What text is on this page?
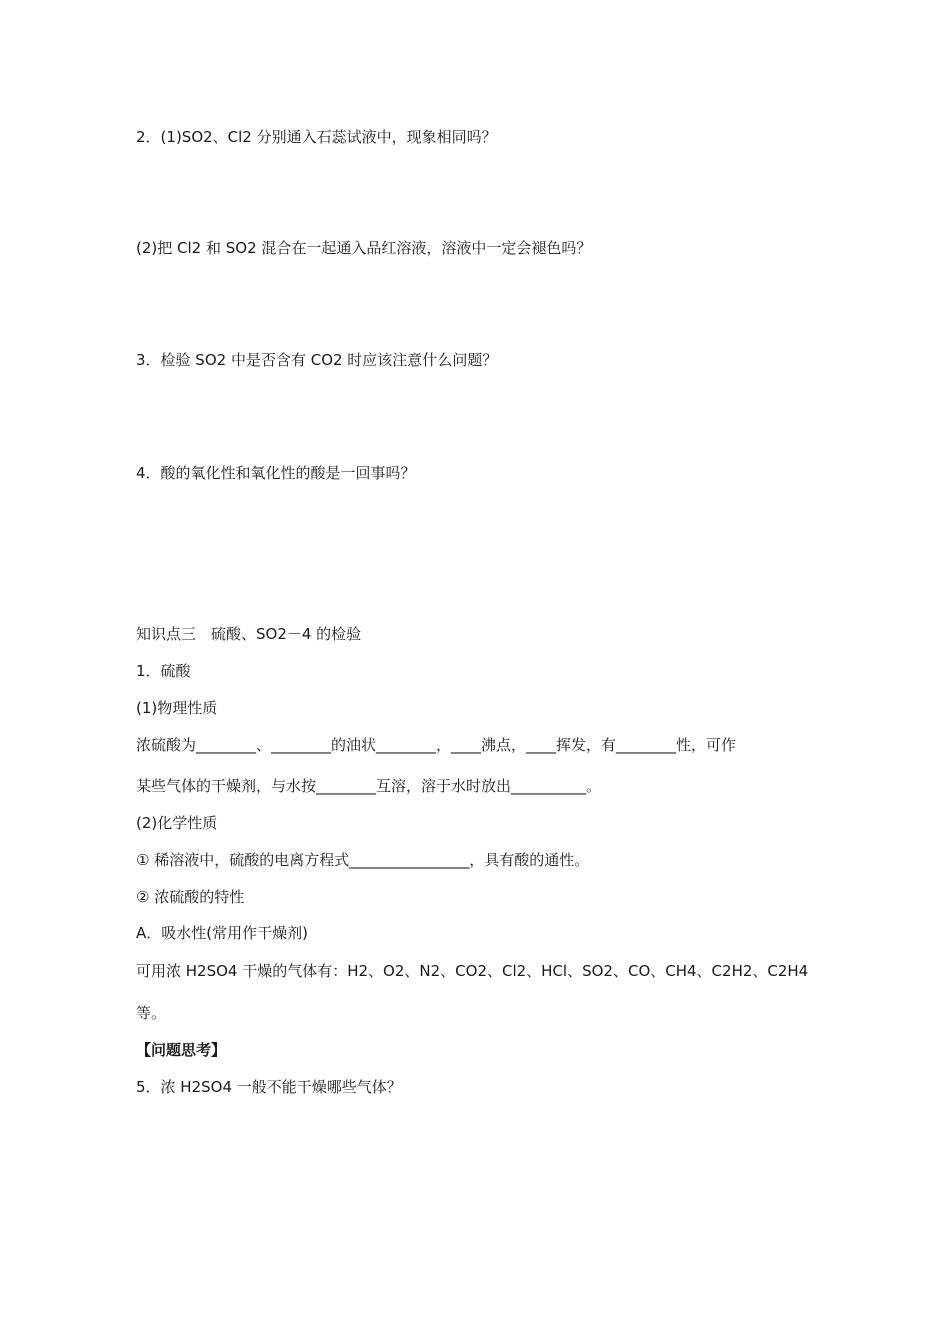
2．(1)SO2、Cl2 分别通入石蕊试液中，现象相同吗？
(2)把 Cl2 和 SO2 混合在一起通入品红溶液，溶液中一定会褪色吗？
3．检验 SO2 中是否含有 CO2 时应该注意什么问题？
4．酸的氧化性和氧化性的酸是一回事吗？
知识点三　硫酸、SO2－4 的检验
1．硫酸
(1)物理性质
浓硫酸为________、________的油状________，____沸点，____挥发，有________性，可作
某些气体的干燥剂，与水按________互溶，溶于水时放出__________。
(2)化学性质
① 稀溶液中，硫酸的电离方程式________________，具有酸的通性。
② 浓硫酸的特性
A．吸水性(常用作干燥剂)
可用浓 H2SO4 干燥的气体有：H2、O2、N2、CO2、Cl2、HCl、SO2、CO、CH4、C2H2、C2H4
等。
【问题思考】
5．浓 H2SO4 一般不能干燥哪些气体？
